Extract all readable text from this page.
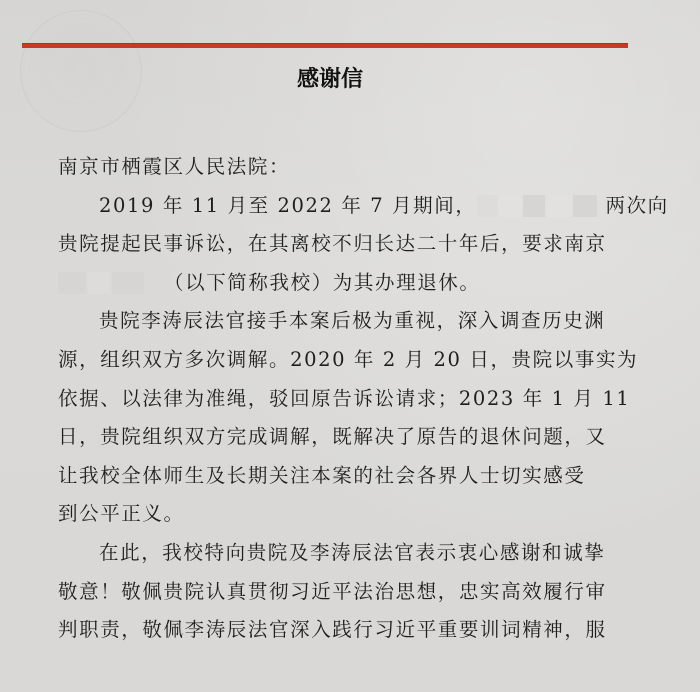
感谢信
南京市栖霞区人民法院：
2019 年 11 月至 2022 年 7 月期间，	两次向
贵院提起民事诉讼，在其离校不归长达二十年后，要求南京
（以下简称我校）为其办理退休。
贵院李涛辰法官接手本案后极为重视，深入调查历史渊
源，组织双方多次调解。2020 年 2 月 20 日，贵院以事实为
依据、以法律为准绳，驳回原告诉讼请求；2023 年 1 月 11
日，贵院组织双方完成调解，既解决了原告的退休问题，又
让我校全体师生及长期关注本案的社会各界人士切实感受
到公平正义。
在此，我校特向贵院及李涛辰法官表示衷心感谢和诚挚
敬意！敬佩贵院认真贯彻习近平法治思想，忠实高效履行审
判职责，敬佩李涛辰法官深入践行习近平重要训词精神，服
